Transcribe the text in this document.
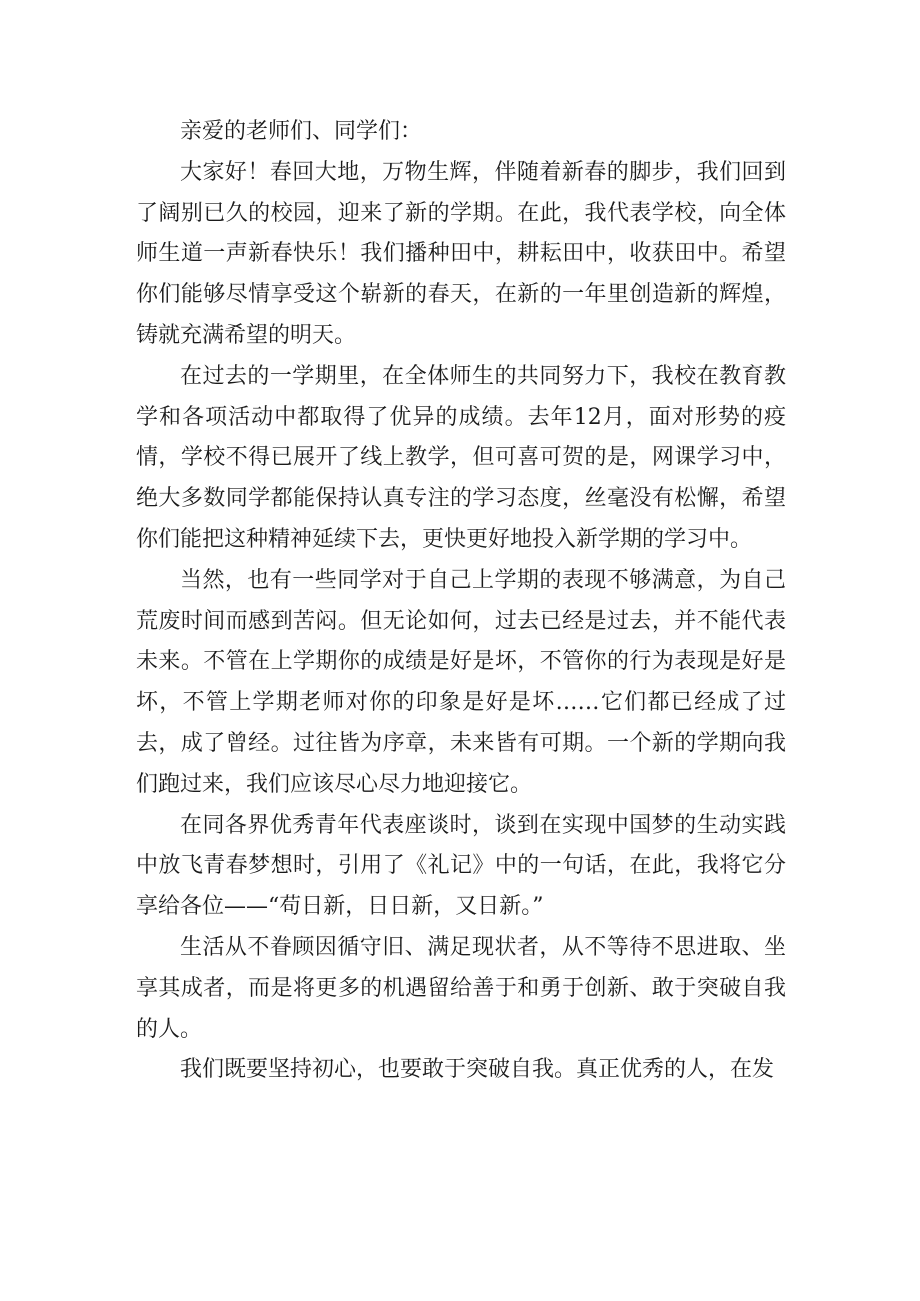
亲爱的老师们、同学们：

大家好！春回大地，万物生辉，伴随着新春的脚步，我们回到了阔别已久的校园，迎来了新的学期。在此，我代表学校，向全体师生道一声新春快乐！我们播种田中，耕耘田中，收获田中。希望你们能够尽情享受这个崭新的春天，在新的一年里创造新的辉煌，铸就充满希望的明天。

在过去的一学期里，在全体师生的共同努力下，我校在教育教学和各项活动中都取得了优异的成绩。去年12月，面对形势的疫情，学校不得已展开了线上教学，但可喜可贺的是，网课学习中，绝大多数同学都能保持认真专注的学习态度，丝毫没有松懈，希望你们能把这种精神延续下去，更快更好地投入新学期的学习中。

当然，也有一些同学对于自己上学期的表现不够满意，为自己荒废时间而感到苦闷。但无论如何，过去已经是过去，并不能代表未来。不管在上学期你的成绩是好是坏，不管你的行为表现是好是坏，不管上学期老师对你的印象是好是坏……它们都已经成了过去，成了曾经。过往皆为序章，未来皆有可期。一个新的学期向我们跑过来，我们应该尽心尽力地迎接它。

在同各界优秀青年代表座谈时，谈到在实现中国梦的生动实践中放飞青春梦想时，引用了《礼记》中的一句话，在此，我将它分享给各位——“苟日新，日日新，又日新。”

生活从不眷顾因循守旧、满足现状者，从不等待不思进取、坐享其成者，而是将更多的机遇留给善于和勇于创新、敢于突破自我的人。

我们既要坚持初心，也要敢于突破自我。真正优秀的人，在发
